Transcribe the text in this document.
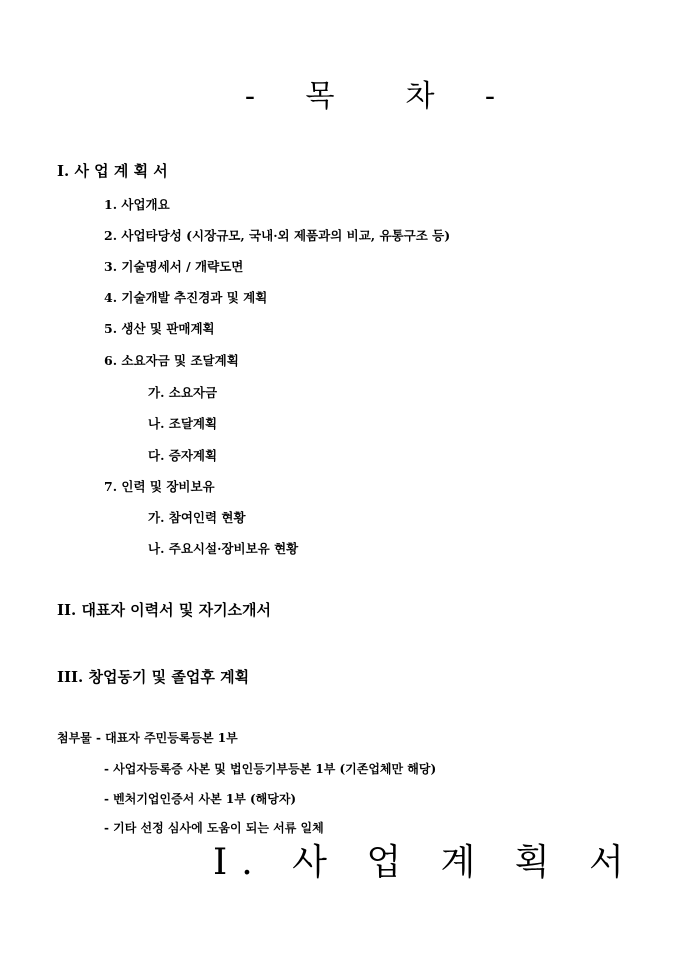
- 목 차 -
I. 사 업 계 획 서
1. 사업개요
2. 사업타당성 (시장규모, 국내·외 제품과의 비교, 유통구조 등)
3. 기술명세서 / 개략도면
4. 기술개발 추진경과 및 계획
5. 생산 및 판매계획
6. 소요자금 및 조달계획
가. 소요자금
나. 조달계획
다. 증자계획
7. 인력 및 장비보유
가. 참여인력 현황
나. 주요시설·장비보유 현황
II. 대표자 이력서 및 자기소개서
III. 창업동기 및 졸업후 계획
첨부물 - 대표자 주민등록등본 1부
- 사업자등록증 사본 및 법인등기부등본 1부 (기존업체만 해당)
- 벤처기업인증서 사본 1부 (해당자)
- 기타 선정 심사에 도움이 되는 서류 일체
I. 사 업 계 획 서
